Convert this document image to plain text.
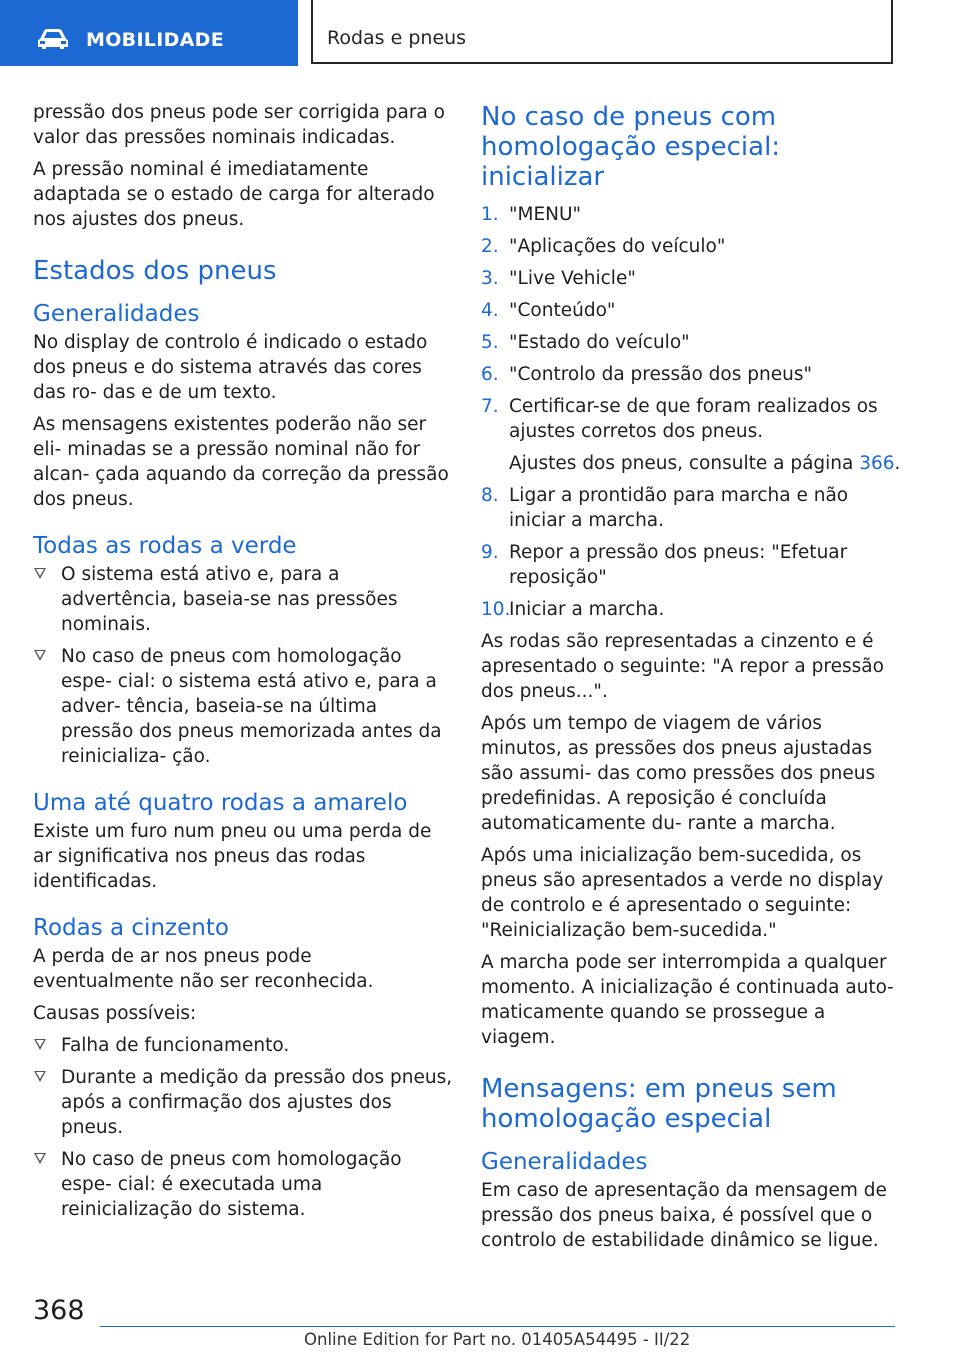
MOBILIDADE	Rodas e pneus

pressão dos pneus pode ser corrigida para o valor das pressões nominais indicadas.

A pressão nominal é imediatamente adaptada se o estado de carga for alterado nos ajustes dos pneus.

Estados dos pneus
Generalidades

No display de controlo é indicado o estado dos pneus e do sistema através das cores das ro‐ das e de um texto.

As mensagens existentes poderão não ser eli‐ minadas se a pressão nominal não for alcan‐ çada aquando da correção da pressão dos pneus.

Todas as rodas a verde
O sistema está ativo e, para a advertência, baseia-se nas pressões nominais.
No caso de pneus com homologação espe‐ cial: o sistema está ativo e, para a adver‐ tência, baseia-se na última pressão dos pneus memorizada antes da reinicializa‐ ção.
Uma até quatro rodas a amarelo

Existe um furo num pneu ou uma perda de ar significativa nos pneus das rodas identificadas.

Rodas a cinzento

A perda de ar nos pneus pode eventualmente não ser reconhecida.

Causas possíveis:

Falha de funcionamento.
Durante a medição da pressão dos pneus, após a confirmação dos ajustes dos pneus.
No caso de pneus com homologação espe‐ cial: é executada uma reinicialização do sistema.
No caso de pneus com homologação especial: inicializar
1. "MENU"
2. "Aplicações do veículo"
3. "Live Vehicle"
4. "Conteúdo"
5. "Estado do veículo"
6. "Controlo da pressão dos pneus"
7. Certificar-se de que foram realizados os ajustes corretos dos pneus.
Ajustes dos pneus, consulte a página 366.
8. Ligar a prontidão para marcha e não iniciar a marcha.
9. Repor a pressão dos pneus: "Efetuar reposição"
10.
Iniciar a marcha.

As rodas são representadas a cinzento e é apresentado o seguinte: "A repor a pressão dos pneus...".

Após um tempo de viagem de vários minutos, as pressões dos pneus ajustadas são assumi‐ das como pressões dos pneus predefinidas. A reposição é concluída automaticamente du‐ rante a marcha.

Após uma inicialização bem-sucedida, os pneus são apresentados a verde no display de controlo e é apresentado o seguinte: "Reinicialização bem-sucedida."

A marcha pode ser interrompida a qualquer momento. A inicialização é continuada auto‐ maticamente quando se prossegue a viagem.

Mensagens: em pneus sem homologação especial
Generalidades

Em caso de apresentação da mensagem de pressão dos pneus baixa, é possível que o controlo de estabilidade dinâmico se ligue.

368
Online Edition for Part no. 01405A54495 - II/22
